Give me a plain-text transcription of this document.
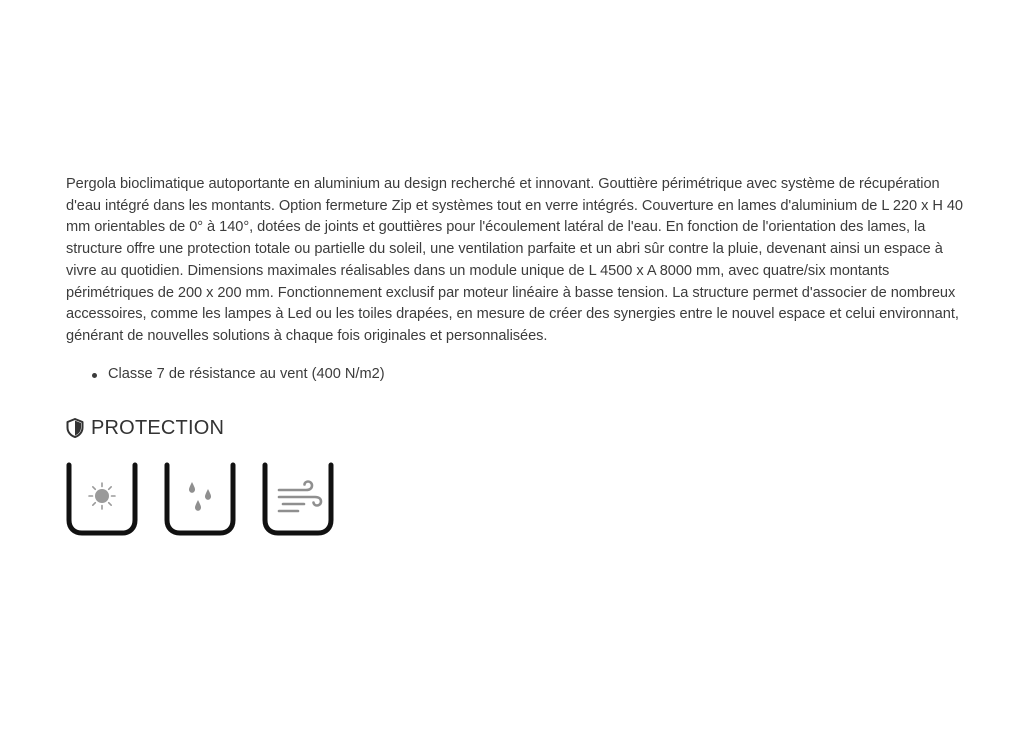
Pergola bioclimatique autoportante en aluminium au design recherché et innovant. Gouttière périmétrique avec système de récupération d'eau intégré dans les montants. Option fermeture Zip et systèmes tout en verre intégrés. Couverture en lames d'aluminium de L 220 x H 40 mm orientables de 0° à 140°, dotées de joints et gouttières pour l'écoulement latéral de l'eau. En fonction de l'orientation des lames, la structure offre une protection totale ou partielle du soleil, une ventilation parfaite et un abri sûr contre la pluie, devenant ainsi un espace à vivre au quotidien. Dimensions maximales réalisables dans un module unique de L 4500 x A 8000 mm, avec quatre/six montants périmétriques de 200 x 200 mm. Fonctionnement exclusif par moteur linéaire à basse tension. La structure permet d'associer de nombreux accessoires, comme les lampes à Led ou les toiles drapées, en mesure de créer des synergies entre le nouvel espace et celui environnant, générant de nouvelles solutions à chaque fois originales et personnalisées.

Classe 7 de résistance au vent (400 N/m2)
PROTECTION
